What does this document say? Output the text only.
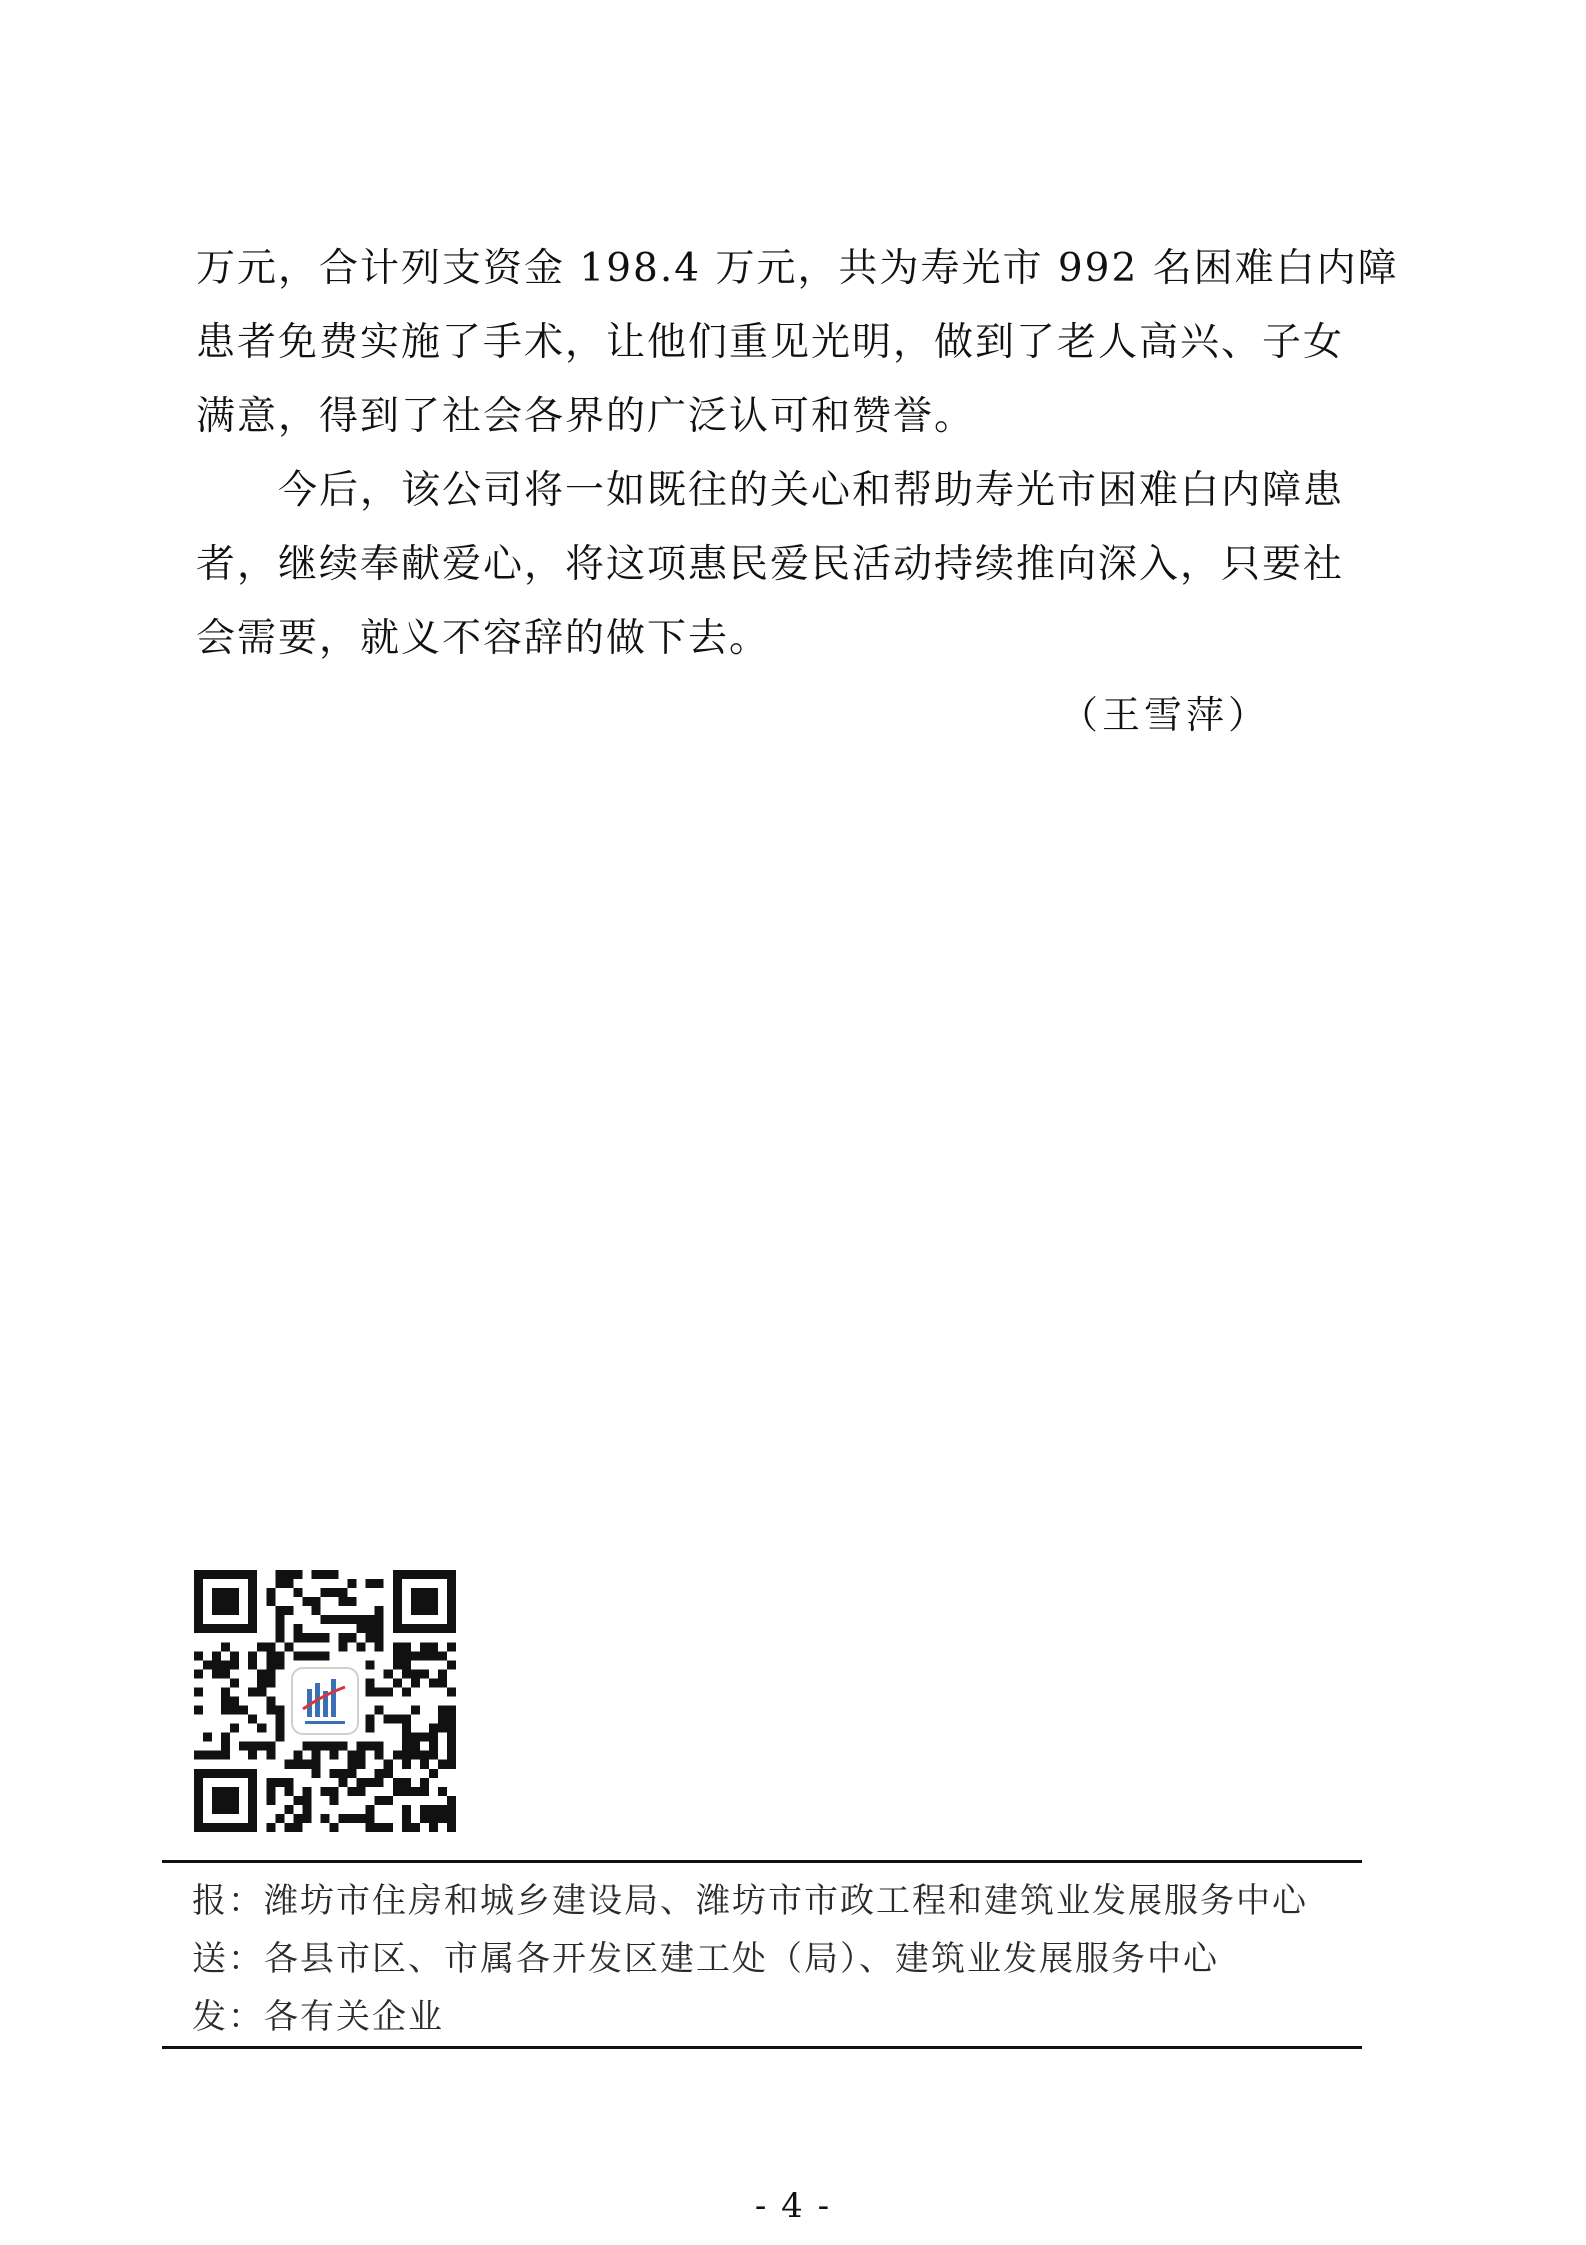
万元，合计列支资金 198.4 万元，共为寿光市 992 名困难白内障

患者免费实施了手术，让他们重见光明，做到了老人高兴、子女

满意，得到了社会各界的广泛认可和赞誉。

　　今后，该公司将一如既往的关心和帮助寿光市困难白内障患

者，继续奉献爱心，将这项惠民爱民活动持续推向深入，只要社

会需要，就义不容辞的做下去。

（王雪萍）
报：潍坊市住房和城乡建设局、潍坊市市政工程和建筑业发展服务中心
送：各县市区、市属各开发区建工处（局）、建筑业发展服务中心
发：各有关企业
- 4 -
